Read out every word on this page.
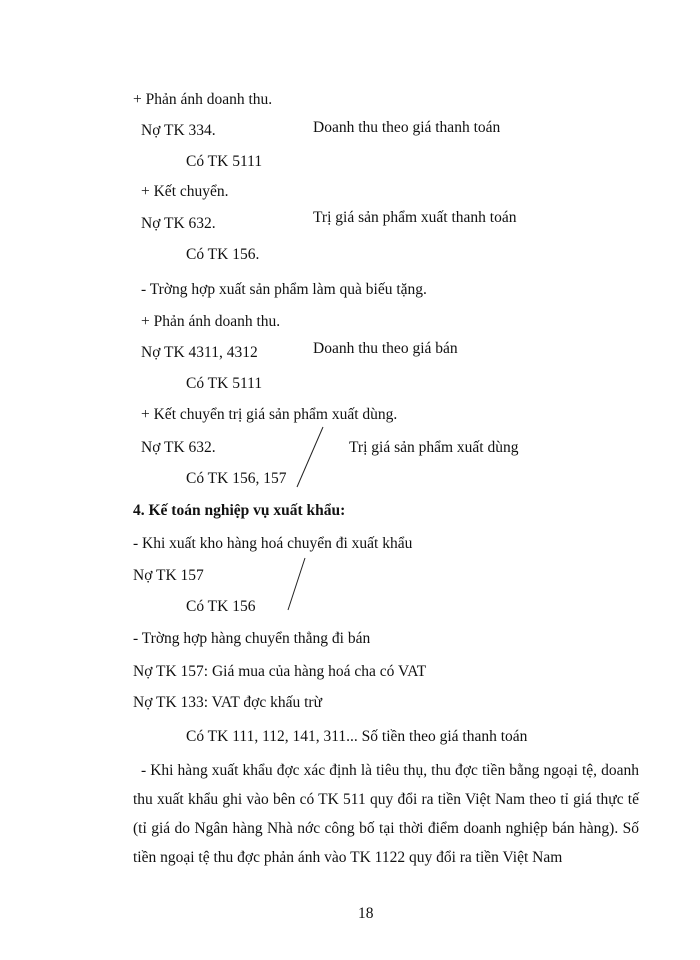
+ Phản ánh doanh thu.
Nợ TK 334.	Doanh thu theo giá thanh toán
Có TK 5111
+ Kết chuyển.
Nợ TK 632.	Trị giá sản phẩm xuất thanh toán
Có TK 156.
- Trờng hợp xuất sản phẩm làm quà biếu tặng.
+ Phản ánh doanh thu.
Nợ TK 4311, 4312	Doanh thu theo giá bán
Có TK 5111
+ Kết chuyển trị giá sản phẩm xuất dùng.
Nợ TK 632.	Trị giá sản phẩm xuất dùng
Có TK 156, 157
4. Kế toán nghiệp vụ xuất khẩu:
- Khi xuất kho hàng hoá chuyển đi xuất khẩu
Nợ TK 157
Có TK 156
- Trờng hợp hàng chuyển thẳng đi bán
Nợ TK 157: Giá mua của hàng hoá cha có VAT
Nợ TK 133: VAT đợc khấu trừ
Có TK 111, 112, 141, 311... Số tiền theo giá thanh toán
- Khi hàng xuất khẩu đợc xác định là tiêu thụ, thu đợc tiền bằng ngoại tệ, doanh thu xuất khẩu ghi vào bên có TK 511 quy đổi ra tiền Việt Nam theo tỉ giá thực tế (tỉ giá do Ngân hàng Nhà nớc công bố tại thời điểm doanh nghiệp bán hàng). Số tiền ngoại tệ thu đợc phản ánh vào TK 1122 quy đổi ra tiền Việt Nam
18
